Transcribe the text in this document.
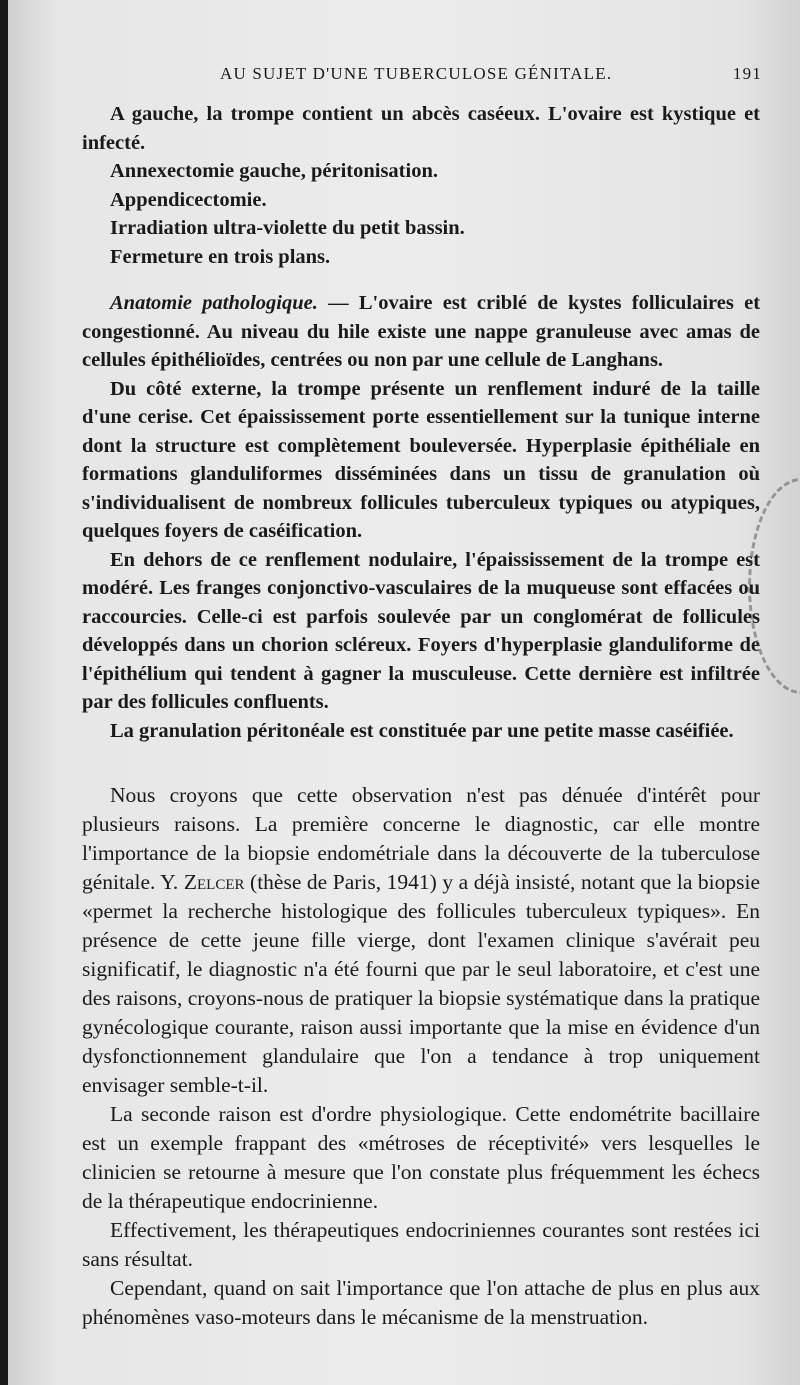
AU SUJET D'UNE TUBERCULOSE GÉNITALE.	191

A gauche, la trompe contient un abcès caséeux. L'ovaire est kystique et infecté.

Annexectomie gauche, péritonisation.

Appendicectomie.

Irradiation ultra-violette du petit bassin.

Fermeture en trois plans.

Anatomie pathologique. — L'ovaire est criblé de kystes folliculaires et congestionné. Au niveau du hile existe une nappe granuleuse avec amas de cellules épithélioïdes, centrées ou non par une cellule de Langhans.

Du côté externe, la trompe présente un renflement induré de la taille d'une cerise. Cet épaississement porte essentiellement sur la tunique interne dont la structure est complètement bouleversée. Hyperplasie épithéliale en formations glanduliformes disséminées dans un tissu de granulation où s'individualisent de nombreux follicules tuberculeux typiques ou atypiques, quelques foyers de caséification.

En dehors de ce renflement nodulaire, l'épaississement de la trompe est modéré. Les franges conjonctivo-vasculaires de la muqueuse sont effacées ou raccourcies. Celle-ci est parfois soulevée par un conglomérat de follicules développés dans un chorion scléreux. Foyers d'hyperplasie glanduliforme de l'épithélium qui tendent à gagner la musculeuse. Cette dernière est infiltrée par des follicules confluents.

La granulation péritonéale est constituée par une petite masse caséifiée.

Nous croyons que cette observation n'est pas dénuée d'intérêt pour plusieurs raisons. La première concerne le diagnostic, car elle montre l'importance de la biopsie endométriale dans la découverte de la tuberculose génitale. Y. Zelcer (thèse de Paris, 1941) y a déjà insisté, notant que la biopsie «permet la recherche histologique des follicules tuberculeux typiques». En présence de cette jeune fille vierge, dont l'examen clinique s'avérait peu significatif, le diagnostic n'a été fourni que par le seul laboratoire, et c'est une des raisons, croyons-nous de pratiquer la biopsie systématique dans la pratique gynécologique courante, raison aussi importante que la mise en évidence d'un dysfonctionnement glandulaire que l'on a tendance à trop uniquement envisager semble-t-il.

La seconde raison est d'ordre physiologique. Cette endométrite bacillaire est un exemple frappant des «métroses de réceptivité» vers lesquelles le clinicien se retourne à mesure que l'on constate plus fréquemment les échecs de la thérapeutique endocrinienne.

Effectivement, les thérapeutiques endocriniennes courantes sont restées ici sans résultat.

Cependant, quand on sait l'importance que l'on attache de plus en plus aux phénomènes vaso-moteurs dans le mécanisme de la menstruation.
